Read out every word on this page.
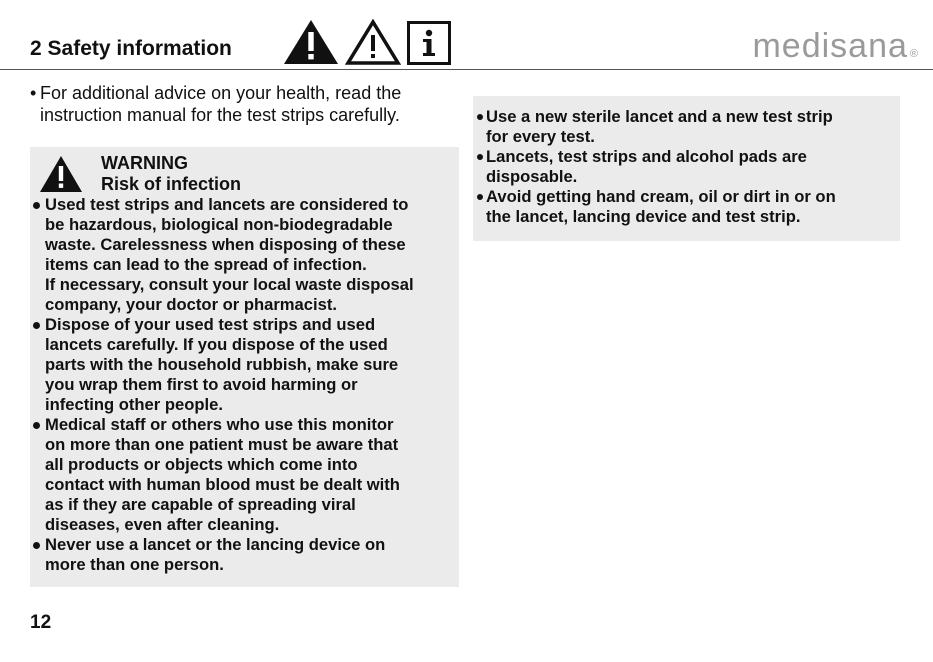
2 Safety information	medisana ®
• For additional advice on your health, read the
instruction manual for the test strips carefully.
WARNING
Risk of infection
Used test strips and lancets are considered to
be hazardous, biological non-biodegradable
waste. Carelessness when disposing of these
items can lead to the spread of infection.
If necessary, consult your local waste disposal
company, your doctor or pharmacist.
Dispose of your used test strips and used
lancets carefully. If you dispose of the used
parts with the household rubbish, make sure
you wrap them first to avoid harming or
infecting other people.
Medical staff or others who use this monitor
on more than one patient must be aware that
all products or objects which come into
contact with human blood must be dealt with
as if they are capable of spreading viral
diseases, even after cleaning.
Never use a lancet or the lancing device on
more than one person.
Use a new sterile lancet and a new test strip
for every test.
Lancets, test strips and alcohol pads are
disposable.
Avoid getting hand cream, oil or dirt in or on
the lancet, lancing device and test strip.
12
